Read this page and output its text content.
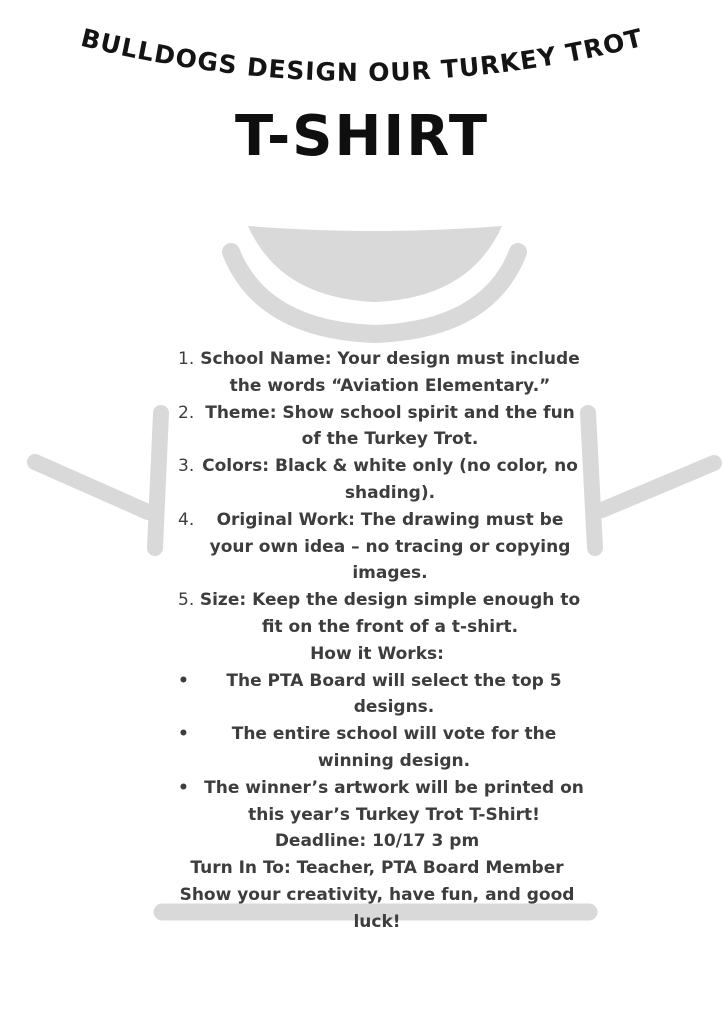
BULLDOGS DESIGN OUR TURKEY TROT
T-SHIRT
1. School Name: Your design must include the words “Aviation Elementary.”
2. Theme: Show school spirit and the fun of the Turkey Trot.
3. Colors: Black & white only (no color, no shading).
4. Original Work: The drawing must be your own idea – no tracing or copying images.
5. Size: Keep the design simple enough to fit on the front of a t-shirt.

How it Works:

• The PTA Board will select the top 5 designs.
•	The entire school will vote for the winning design.
• The winner’s artwork will be printed on this year’s Turkey Trot T-Shirt!

Deadline: 10/17 3 pm

Turn In To: Teacher, PTA Board Member

Show your creativity, have fun, and good luck!
